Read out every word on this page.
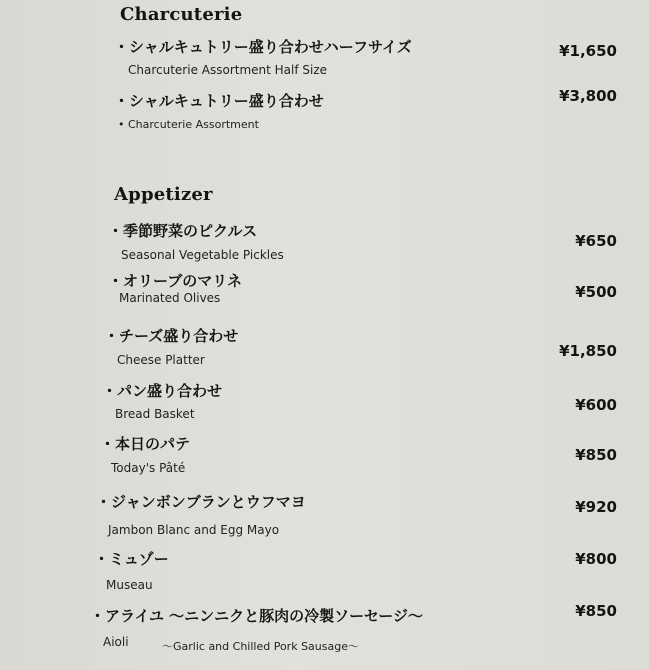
Charcuterie
・シャルキュトリー盛り合わせハーフサイズ
Charcuterie Assortment Half Size
¥1,650
・シャルキュトリー盛り合わせ
• Charcuterie Assortment
¥3,800
Appetizer
・季節野菜のピクルス
Seasonal Vegetable Pickles
¥650
・オリーブのマリネ
Marinated Olives	¥500
・チーズ盛り合わせ
Cheese Platter	¥1,850
・パン盛り合わせ
Bread Basket	¥600
・本日のパテ
Today's Pâté
¥850
・ジャンボンブランとウフマヨ
Jambon Blanc and Egg Mayo
¥920
・ミュゾー
Museau
¥800
・アライユ 〜ニンニクと豚肉の冷製ソーセージ〜
Aioli	〜Garlic and Chilled Pork Sausage〜
¥850
